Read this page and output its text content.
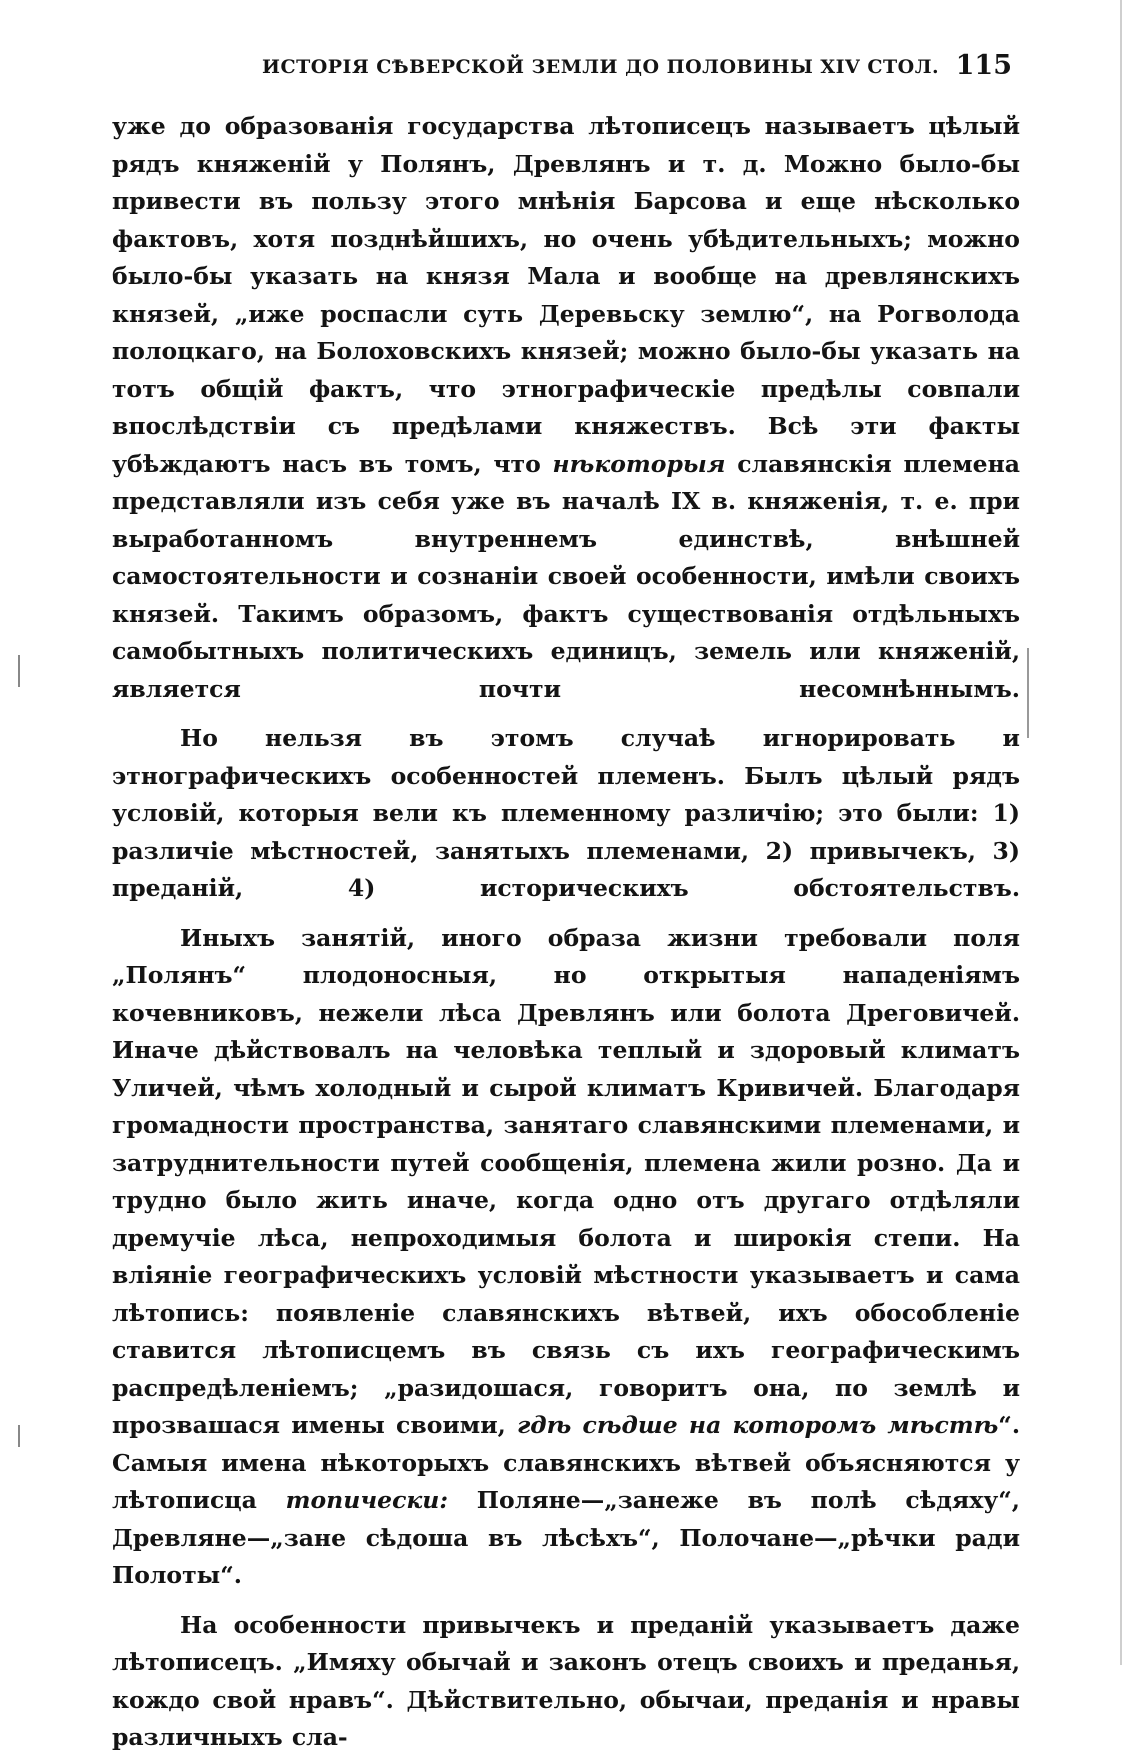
ИСТОРIЯ СѢВЕРСКОЙ ЗЕМЛИ ДО ПОЛОВИНЫ XIV СТОЛ. 115

уже до образованiя государства лѣтописецъ называетъ цѣлый рядъ княженiй у Полянъ, Древлянъ и т. д. Можно было-бы привести въ пользу этого мнѣнiя Барсова и еще нѣсколько фактовъ, хотя позднѣйшихъ, но очень убѣдительныхъ; можно было-бы указать на князя Мала и вообще на древлянскихъ князей, „иже роспасли суть Деревьску землю“, на Рогволода полоцкаго, на Болоховскихъ князей; можно было-бы указать на тотъ общiй фактъ, что этнографическiе предѣлы совпали впослѣдствiи съ предѣлами княжествъ. Всѣ эти факты убѣждаютъ насъ въ томъ, что нѣкоторыя славянскiя племена представляли изъ себя уже въ началѣ IX в. княженiя, т. е. при выработанномъ внутреннемъ единствѣ, внѣшней самостоятельности и сознанiи своей особенности, имѣли своихъ князей. Такимъ образомъ, фактъ существованiя отдѣльныхъ самобытныхъ политическихъ единицъ, земель или княженiй, является почти несомнѣннымъ.

Но нельзя въ этомъ случаѣ игнорировать и этнографическихъ особенностей племенъ. Былъ цѣлый рядъ условiй, которыя вели къ племенному различiю; это были: 1) различiе мѣстностей, занятыхъ племенами, 2) привычекъ, 3) преданiй, 4) историческихъ обстоятельствъ.

Иныхъ занятiй, иного образа жизни требовали поля „Полянъ“ плодоносныя, но открытыя нападенiямъ кочевниковъ, нежели лѣса Древлянъ или болота Дреговичей. Иначе дѣйствовалъ на человѣка теплый и здоровый климатъ Уличей, чѣмъ холодный и сырой климатъ Кривичей. Благодаря громадности пространства, занятаго славянскими племенами, и затруднительности путей сообщенiя, племена жили розно. Да и трудно было жить иначе, когда одно отъ другаго отдѣляли дремучiе лѣса, непроходимыя болота и широкiя степи. На влiянiе географическихъ условiй мѣстности указываетъ и сама лѣтопись: появленiе славянскихъ вѣтвей, ихъ обособленiе ставится лѣтописцемъ въ связь съ ихъ географическимъ распредѣленiемъ; „разидошася, говоритъ она, по землѣ и прозвашася имены своими, гдѣ сѣдше на которомъ мѣстѣ“. Самыя имена нѣкоторыхъ славянскихъ вѣтвей объясняются у лѣтописца топически: Поляне—„занеже въ полѣ сѣдяху“, Древляне—„зане сѣдоша въ лѣсѣхъ“, Полочане—„рѣчки ради Полоты“.

На особенности привычекъ и преданiй указываетъ даже лѣтописецъ. „Имяху обычай и законъ отецъ своихъ и преданья, кождо свой нравъ“. Дѣйствительно, обычаи, преданiя и нравы различныхъ сла-
